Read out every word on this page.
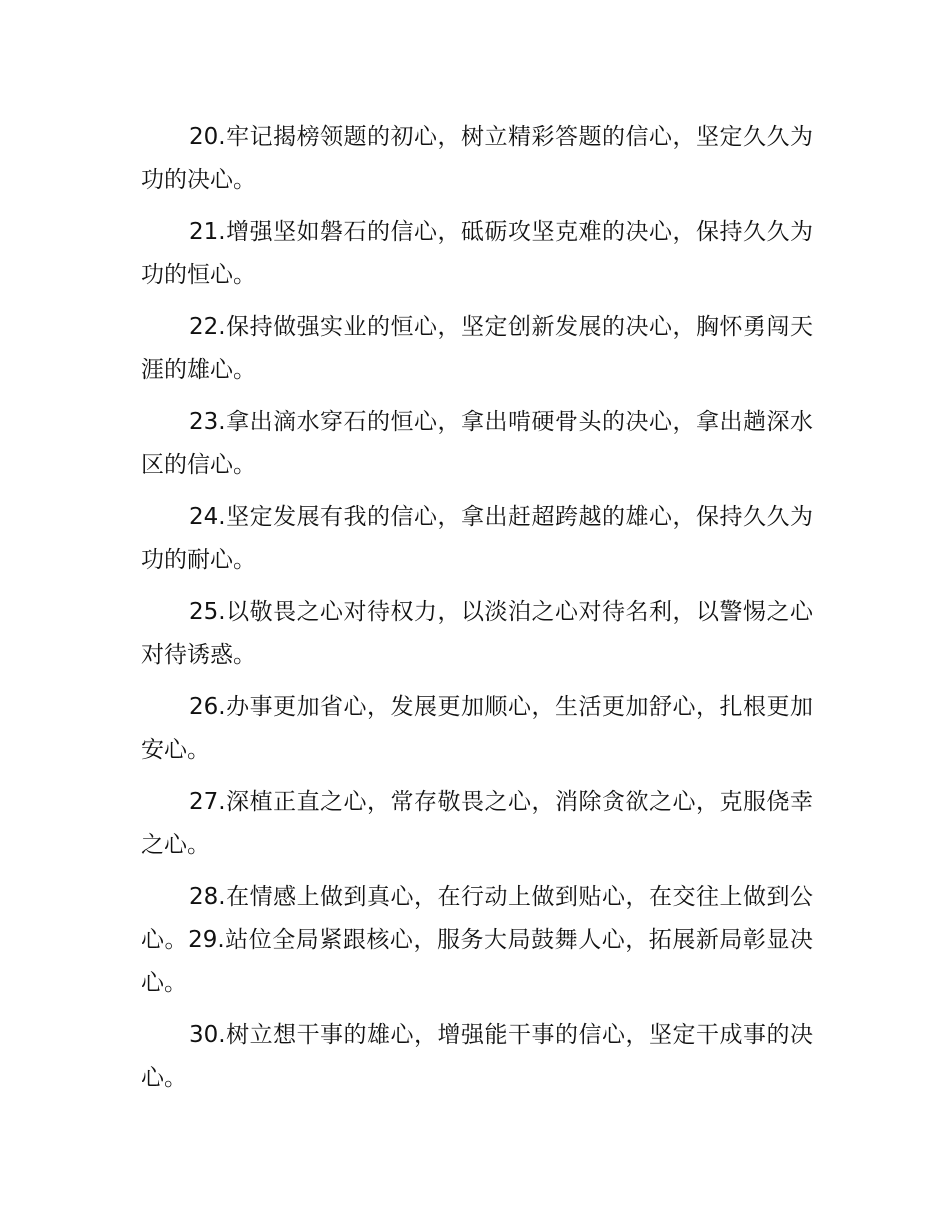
20.牢记揭榜领题的初心，树立精彩答题的信心，坚定久久为功的决心。

21.增强坚如磐石的信心，砥砺攻坚克难的决心，保持久久为功的恒心。

22.保持做强实业的恒心，坚定创新发展的决心，胸怀勇闯天涯的雄心。

23.拿出滴水穿石的恒心，拿出啃硬骨头的决心，拿出趟深水区的信心。

24.坚定发展有我的信心，拿出赶超跨越的雄心，保持久久为功的耐心。

25.以敬畏之心对待权力，以淡泊之心对待名利，以警惕之心对待诱惑。

26.办事更加省心，发展更加顺心，生活更加舒心，扎根更加安心。

27.深植正直之心，常存敬畏之心，消除贪欲之心，克服侥幸之心。

28.在情感上做到真心，在行动上做到贴心，在交往上做到公心。29.站位全局紧跟核心，服务大局鼓舞人心，拓展新局彰显决心。

30.树立想干事的雄心，增强能干事的信心，坚定干成事的决心。
